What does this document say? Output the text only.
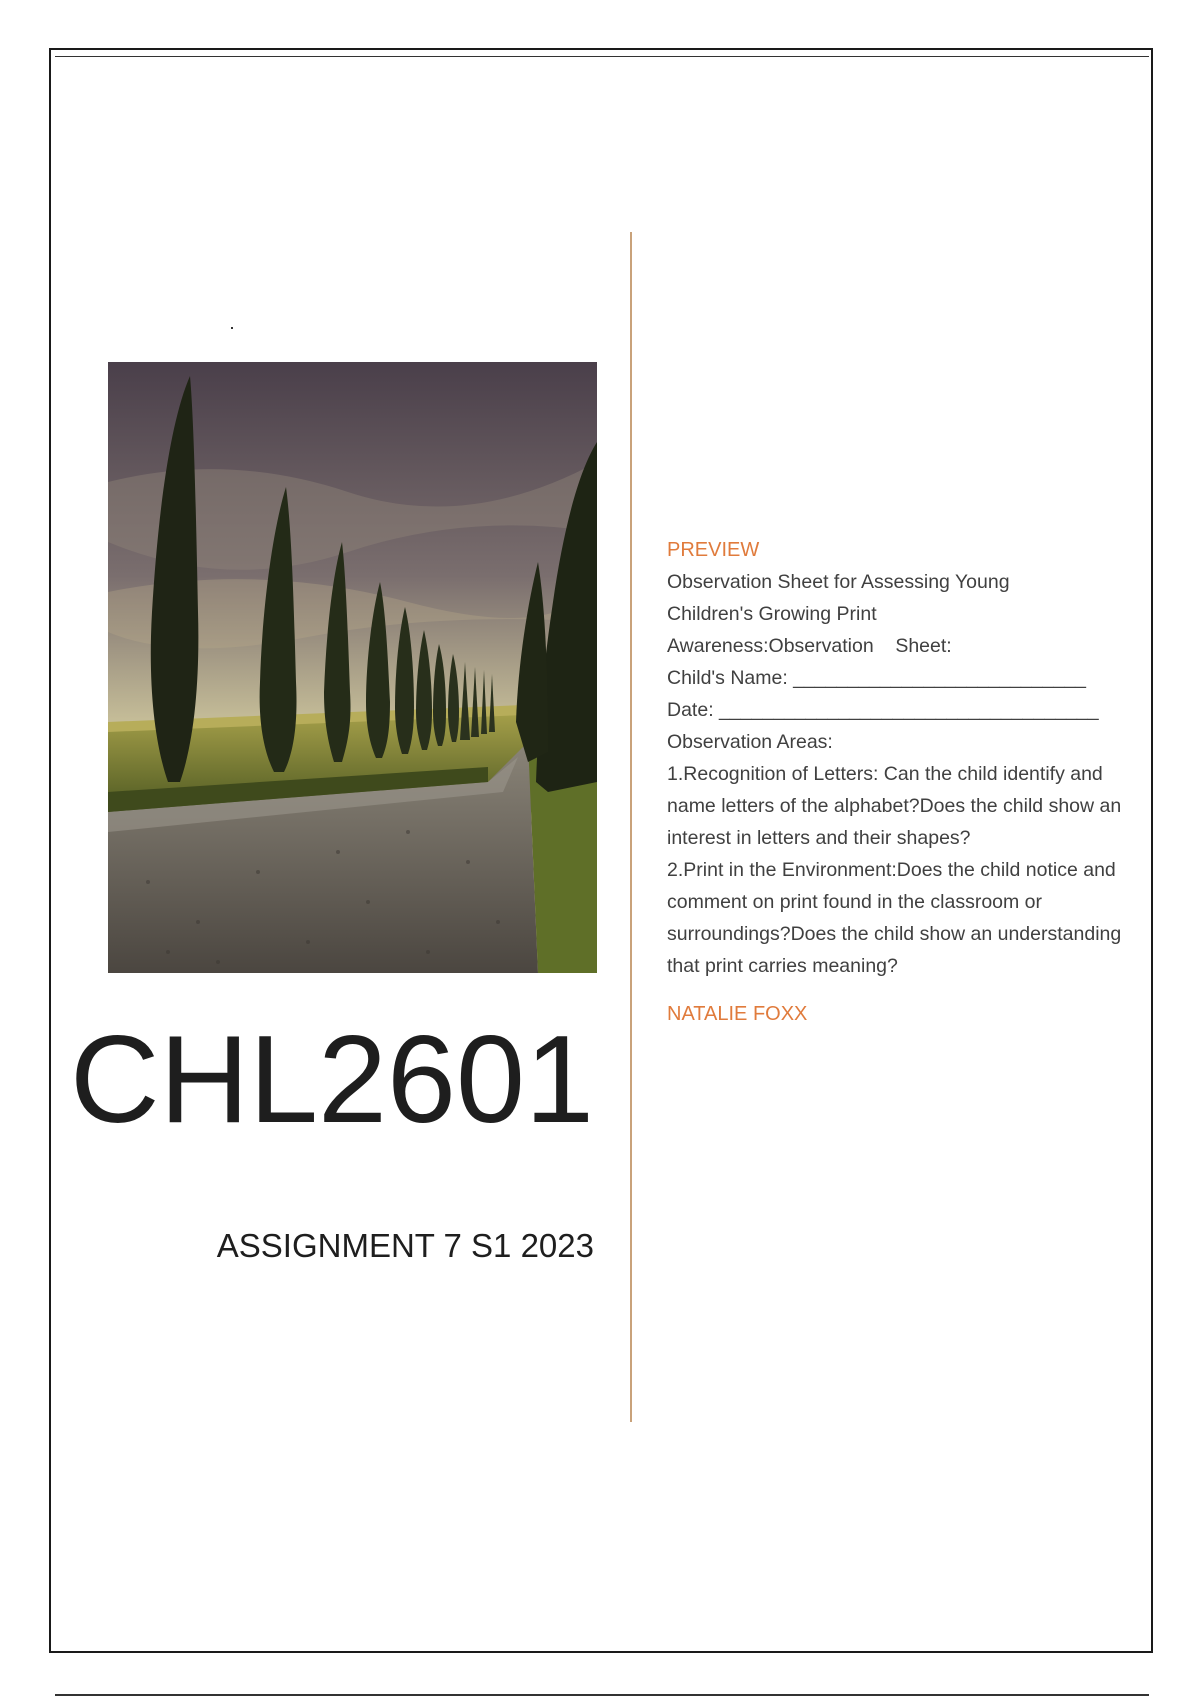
CHL2601
ASSIGNMENT 7 S1 2023
PREVIEW

Observation Sheet for Assessing Young

Children's Growing Print

Awareness:Observation    Sheet:

Child's Name: ___________________________

Date: ___________________________________

Observation Areas:

1.Recognition of Letters: Can the child identify and name letters of the alphabet?Does the child show an interest in letters and their shapes?

2.Print in the Environment:Does the child notice and comment on print found in the classroom or surroundings?Does the child show an understanding that print carries meaning?

NATALIE FOXX
